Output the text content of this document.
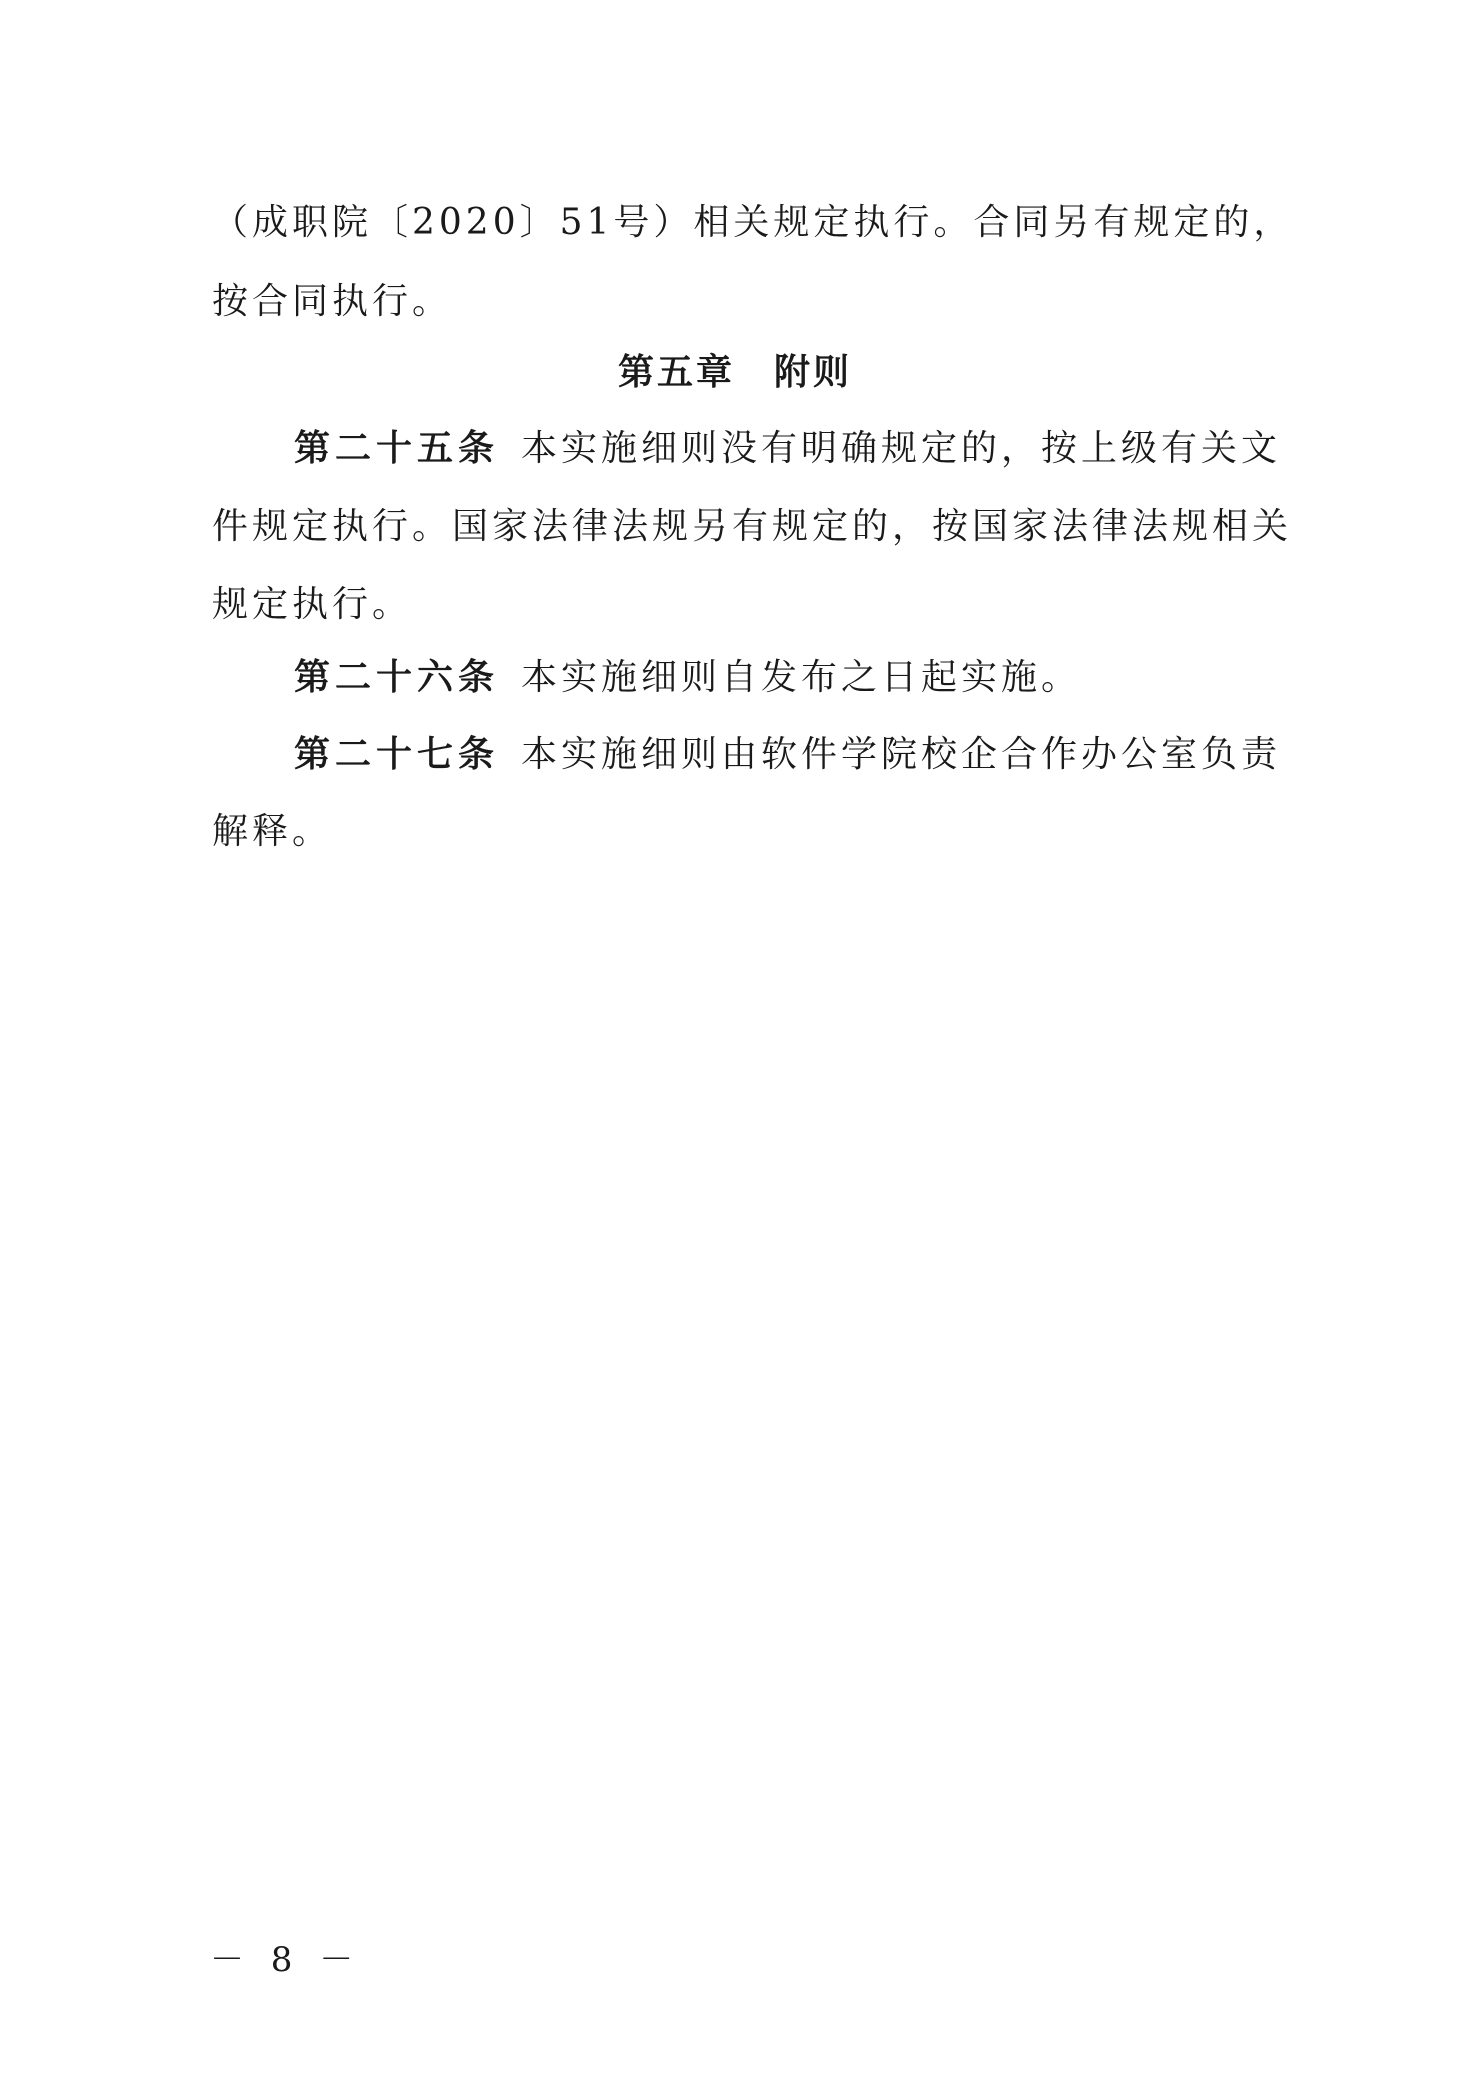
（成职院〔2020〕51号）相关规定执行。合同另有规定的，
按合同执行。
第五章　附则
第二十五条 本实施细则没有明确规定的，按上级有关文
件规定执行。国家法律法规另有规定的，按国家法律法规相关
规定执行。
第二十六条 本实施细则自发布之日起实施。
第二十七条 本实施细则由软件学院校企合作办公室负责
解释。
－ 8 －
